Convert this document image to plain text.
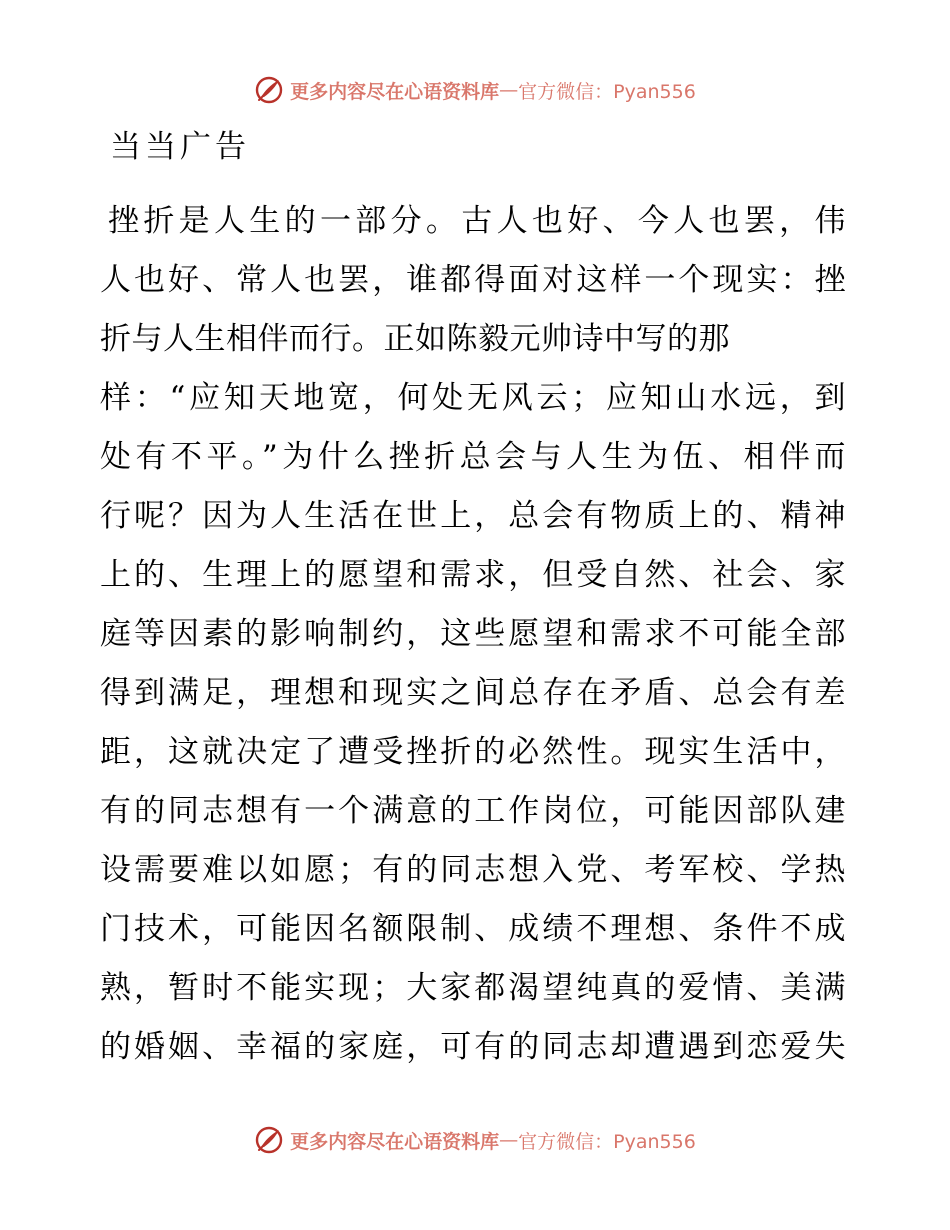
更多内容尽在心语资料库 — 官方微信：Pyan556
当当广告
挫折是人生的一部分。古人也好、今人也罢，伟
人也好、常人也罢，谁都得面对这样一个现实：挫
折与人生相伴而行。正如陈毅元帅诗中写的那
样：“应知天地宽，何处无风云；应知山水远，到
处有不平。”为什么挫折总会与人生为伍、相伴而
行呢？因为人生活在世上，总会有物质上的、精神
上的、生理上的愿望和需求，但受自然、社会、家
庭等因素的影响制约，这些愿望和需求不可能全部
得到满足，理想和现实之间总存在矛盾、总会有差
距，这就决定了遭受挫折的必然性。现实生活中，
有的同志想有一个满意的工作岗位，可能因部队建
设需要难以如愿；有的同志想入党、考军校、学热
门技术，可能因名额限制、成绩不理想、条件不成
熟，暂时不能实现；大家都渴望纯真的爱情、美满
的婚姻、幸福的家庭，可有的同志却遭遇到恋爱失
更多内容尽在心语资料库 — 官方微信：Pyan556
